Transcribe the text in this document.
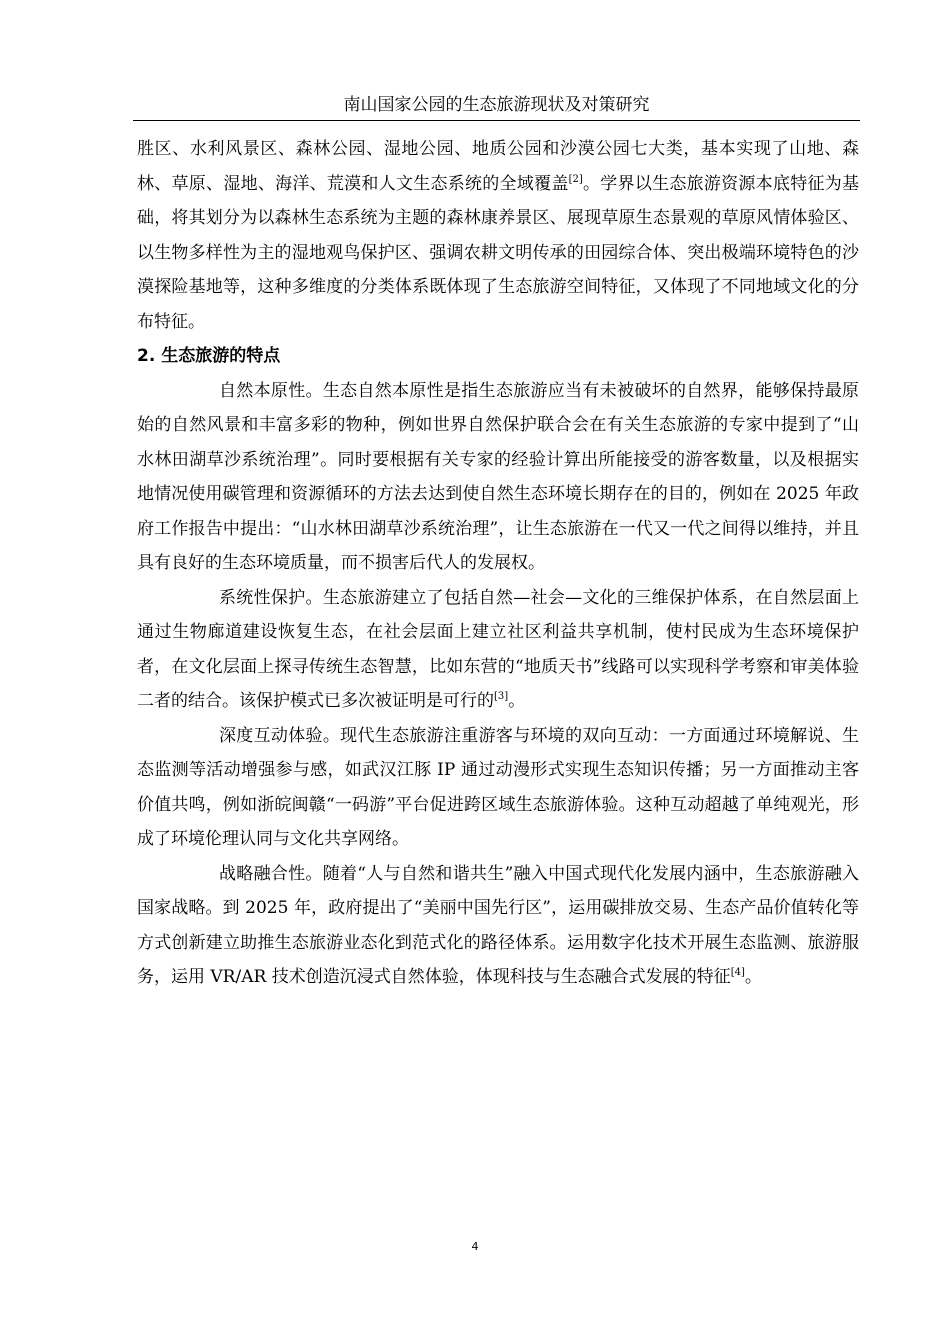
南山国家公园的生态旅游现状及对策研究

胜区、水利风景区、森林公园、湿地公园、地质公园和沙漠公园七大类，基本实现了山地、森林、草原、湿地、海洋、荒漠和人文生态系统的全域覆盖[2]。学界以生态旅游资源本底特征为基础，将其划分为以森林生态系统为主题的森林康养景区、展现草原生态景观的草原风情体验区、以生物多样性为主的湿地观鸟保护区、强调农耕文明传承的田园综合体、突出极端环境特色的沙漠探险基地等，这种多维度的分类体系既体现了生态旅游空间特征，又体现了不同地域文化的分布特征。

2. 生态旅游的特点

自然本原性。生态自然本原性是指生态旅游应当有未被破坏的自然界，能够保持最原始的自然风景和丰富多彩的物种，例如世界自然保护联合会在有关生态旅游的专家中提到了“山水林田湖草沙系统治理”。同时要根据有关专家的经验计算出所能接受的游客数量，以及根据实地情况使用碳管理和资源循环的方法去达到使自然生态环境长期存在的目的，例如在 2025 年政府工作报告中提出：“山水林田湖草沙系统治理”，让生态旅游在一代又一代之间得以维持，并且具有良好的生态环境质量，而不损害后代人的发展权。

系统性保护。生态旅游建立了包括自然—社会—文化的三维保护体系，在自然层面上通过生物廊道建设恢复生态，在社会层面上建立社区利益共享机制，使村民成为生态环境保护者，在文化层面上探寻传统生态智慧，比如东营的“地质天书”线路可以实现科学考察和审美体验二者的结合。该保护模式已多次被证明是可行的[3]。

深度互动体验。现代生态旅游注重游客与环境的双向互动：一方面通过环境解说、生态监测等活动增强参与感，如武汉江豚 IP 通过动漫形式实现生态知识传播；另一方面推动主客价值共鸣，例如浙皖闽赣“一码游”平台促进跨区域生态旅游体验。这种互动超越了单纯观光，形成了环境伦理认同与文化共享网络。

战略融合性。随着“人与自然和谐共生”融入中国式现代化发展内涵中，生态旅游融入国家战略。到 2025 年，政府提出了“美丽中国先行区”，运用碳排放交易、生态产品价值转化等方式创新建立助推生态旅游业态化到范式化的路径体系。运用数字化技术开展生态监测、旅游服务，运用 VR/AR 技术创造沉浸式自然体验，体现科技与生态融合式发展的特征[4]。

4
